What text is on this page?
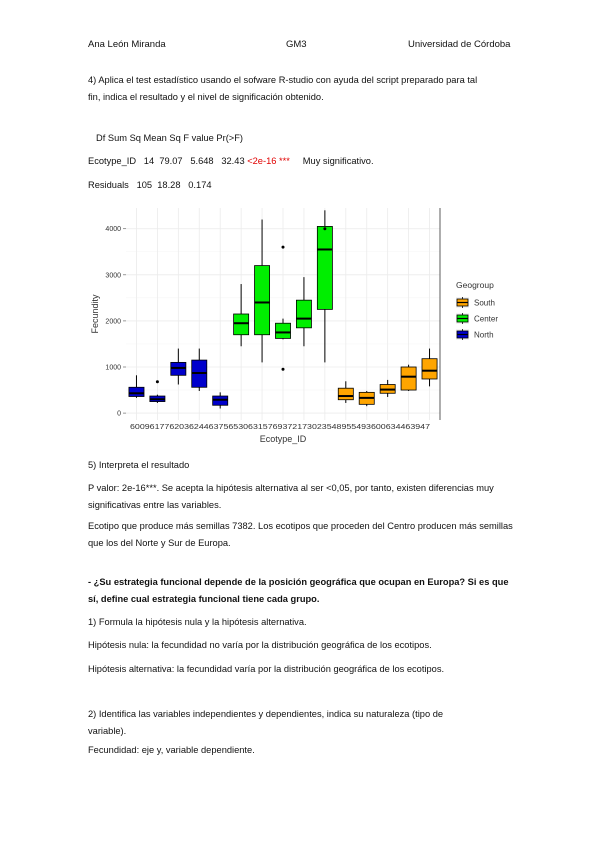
Ana León Miranda	GM3	Universidad de Córdoba
4) Aplica el test estadístico usando el sofware R-studio con ayuda del script preparado para tal
fin, indica el resultado y el nivel de significación obtenido.
Df Sum Sq Mean Sq F value Pr(>F)
Ecotype_ID   14  79.07   5.648   32.43 <2e-16 *** Muy significativo.
Residuals   105  18.28   0.174
0
1000
2000
3000
4000
6009617762036244637565306315769372173023548955493600634463947
Ecotype_ID
Fecundity
Geogroup
South
Center
North
5) Interpreta el resultado
P valor: 2e-16***. Se acepta la hipótesis alternativa al ser <0,05, por tanto, existen diferencias muy significativas entre las variables.
Ecotipo que produce más semillas 7382. Los ecotipos que proceden del Centro producen más semillas que los del Norte y Sur de Europa.
- ¿Su estrategia funcional depende de la posición geográfica que ocupan en Europa? Si es que
sí, define cual estrategia funcional tiene cada grupo.
1) Formula la hipótesis nula y la hipótesis alternativa.
Hipótesis nula: la fecundidad no varía por la distribución geográfica de los ecotipos.
Hipótesis alternativa: la fecundidad varía por la distribución geográfica de los ecotipos.
2) Identifica las variables independientes y dependientes, indica su naturaleza (tipo de
variable).
Fecundidad: eje y, variable dependiente.
